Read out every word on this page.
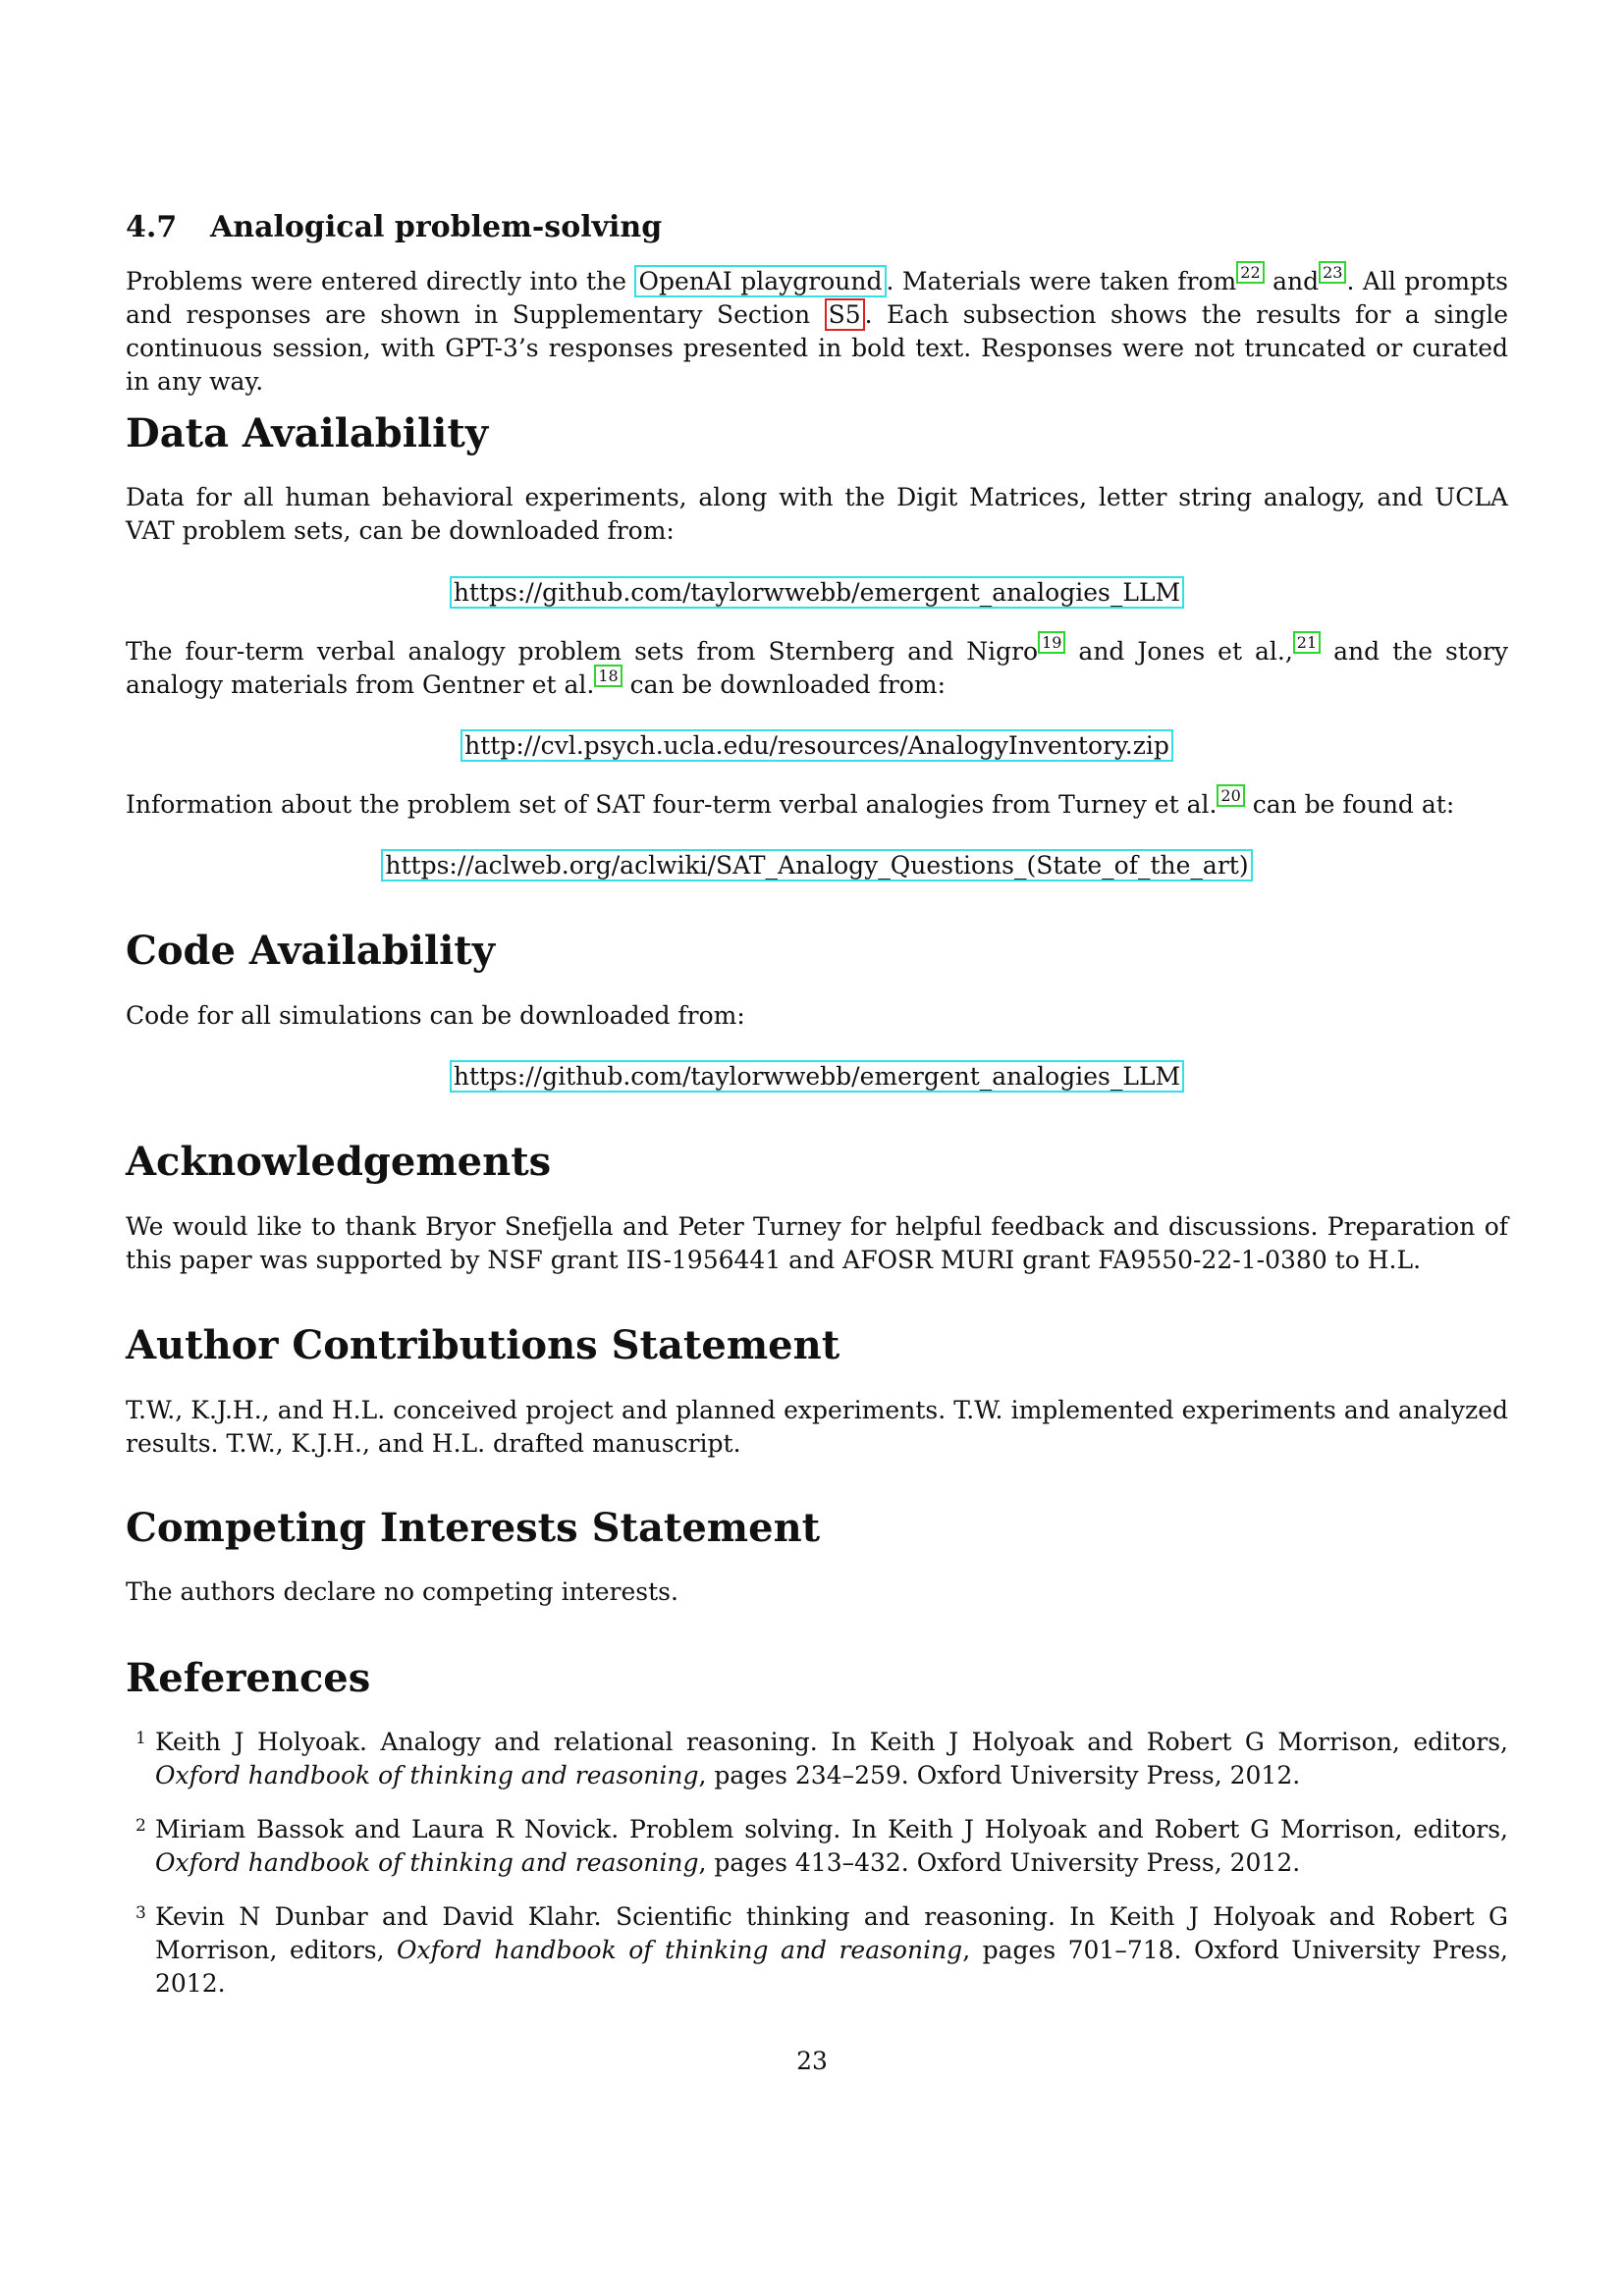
4.7 Analogical problem-solving

Problems were entered directly into the OpenAI playground . Materials were taken from $^{22}$ and $^{23}$ . All prompts and responses are shown in Supplementary Section S5 . Each subsection shows the results for a single continuous session, with GPT-3’s responses presented in bold text. Responses were not truncated or curated in any way.

Data Availability

Data for all human behavioral experiments, along with the Digit Matrices, letter string analogy, and UCLA VAT problem sets, can be downloaded from:

https://github.com/taylorwwebb/emergent_analogies_LLM

The four-term verbal analogy problem sets from Sternberg and Nigro $^{19}$ and Jones et al., $^{21}$ and the story analogy materials from Gentner et al. $^{18}$ can be downloaded from:

http://cvl.psych.ucla.edu/resources/AnalogyInventory.zip

Information about the problem set of SAT four-term verbal analogies from Turney et al. $^{20}$ can be found at:

https://aclweb.org/aclwiki/SAT_Analogy_Questions_(State_of_the_art)
Code Availability

Code for all simulations can be downloaded from:

https://github.com/taylorwwebb/emergent_analogies_LLM
Acknowledgements

We would like to thank Bryor Snefjella and Peter Turney for helpful feedback and discussions. Preparation of this paper was supported by NSF grant IIS-1956441 and AFOSR MURI grant FA9550-22-1-0380 to H.L.

Author Contributions Statement

T.W., K.J.H., and H.L. conceived project and planned experiments. T.W. implemented experiments and analyzed results. T.W., K.J.H., and H.L. drafted manuscript.

Competing Interests Statement

The authors declare no competing interests.

References
1 Keith J Holyoak. Analogy and relational reasoning. In Keith J Holyoak and Robert G Morrison, editors, Oxford handbook of thinking and reasoning, pages 234–259. Oxford University Press, 2012.
2 Miriam Bassok and Laura R Novick. Problem solving. In Keith J Holyoak and Robert G Morrison, editors, Oxford handbook of thinking and reasoning, pages 413–432. Oxford University Press, 2012.
3 Kevin N Dunbar and David Klahr. Scientific thinking and reasoning. In Keith J Holyoak and Robert G Morrison, editors, Oxford handbook of thinking and reasoning, pages 701–718. Oxford University Press, 2012.
23
